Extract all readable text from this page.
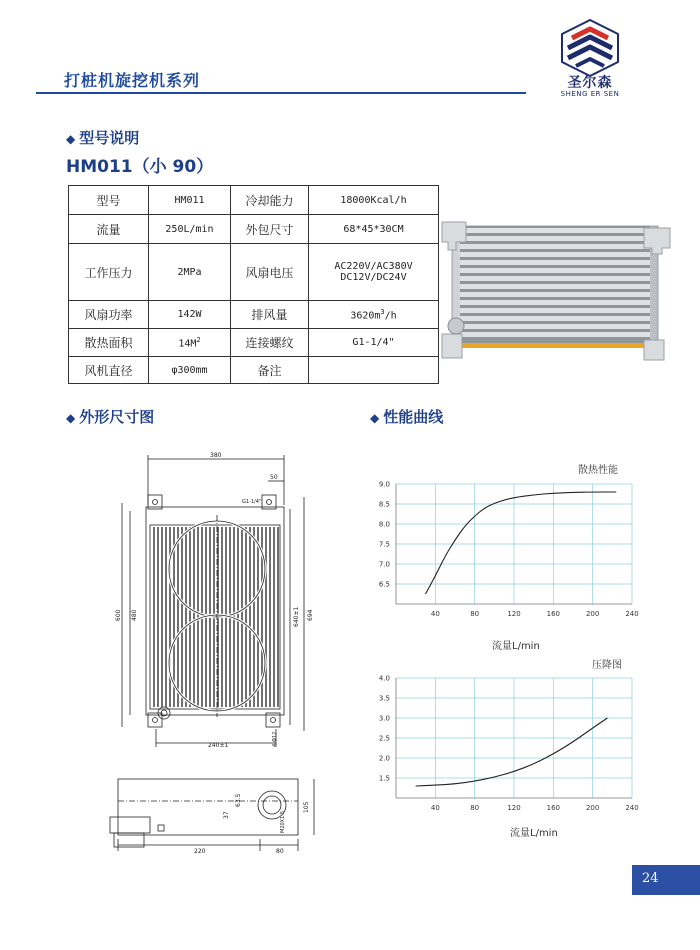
打桩机旋挖机系列	圣尔森
SHENG ER SEN
◆ 型号说明
HM011（小 90）
型号	HM011	冷却能力	18000Kcal/h
流量	250L/min	外包尺寸	68*45*30CM
工作压力	2MPa	风扇电压	AC220V/AC380V
DC12V/DC24V

风扇功率	142W	排风量	$3620m^3/h$
散热面积	$14M^2$	连接螺纹	G1-1/4"
风机直径	φ300mm	备注	
◆ 外形尺寸图	◆ 性能曲线
380
50
G1-1/4"
600 480	640±1 694
240±1	4-Φ12
63.5
37
105
220	80
M20X1.5
散热性能
40	80	120	160	200	240
6.5
7.0
7.5
8.0
8.5
9.0
流量L/min
压降图
40	80	120	160	200	240
1.5
2.0
2.5
3.0
3.5
4.0
流量L/min
24
